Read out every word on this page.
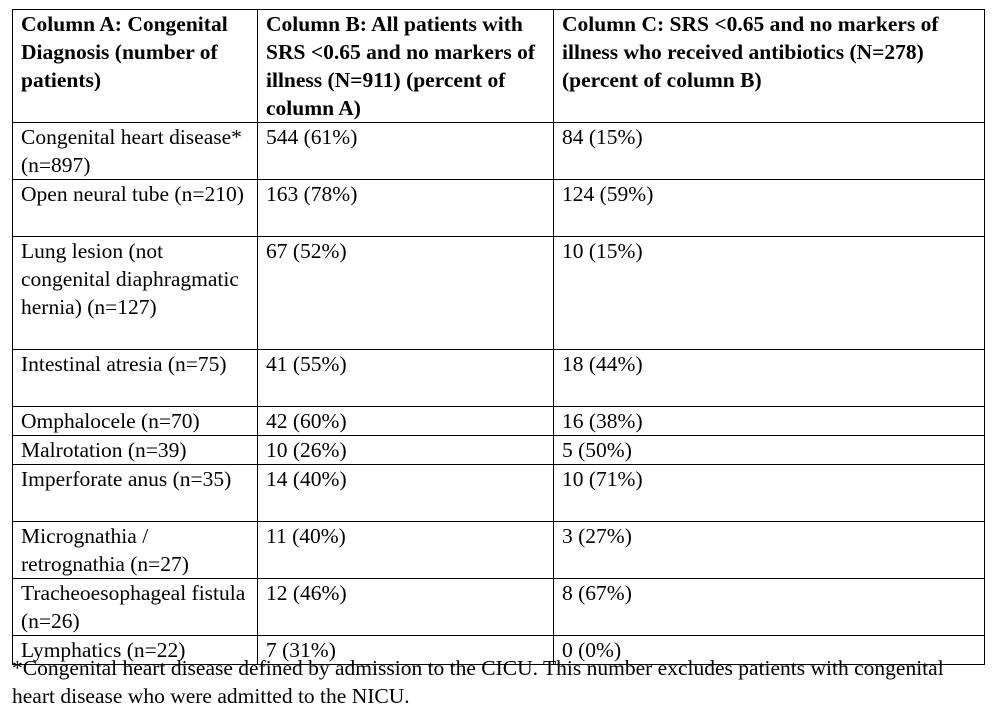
Column A: Congenital Diagnosis (number of patients)	Column B: All patients with SRS <0.65 and no markers of illness (N=911) (percent of column A)	Column C: SRS <0.65 and no markers of illness who received antibiotics (N=278) (percent of column B)
Congenital heart disease* (n=897)	544 (61%)	84 (15%)
Open neural tube (n=210)	163 (78%)	124 (59%)
Lung lesion (not congenital diaphragmatic hernia) (n=127)	67 (52%)	10 (15%)
Intestinal atresia (n=75)	41 (55%)	18 (44%)
Omphalocele (n=70)	42 (60%)	16 (38%)
Malrotation (n=39)	10 (26%)	5 (50%)
Imperforate anus (n=35)	14 (40%)	10 (71%)
Micrognathia / retrognathia (n=27)	11 (40%)	3 (27%)
Tracheoesophageal fistula (n=26)	12 (46%)	8 (67%)
Lymphatics (n=22)	7 (31%)	0 (0%)
*Congenital heart disease defined by admission to the CICU. This number excludes patients with congenital heart disease who were admitted to the NICU.
